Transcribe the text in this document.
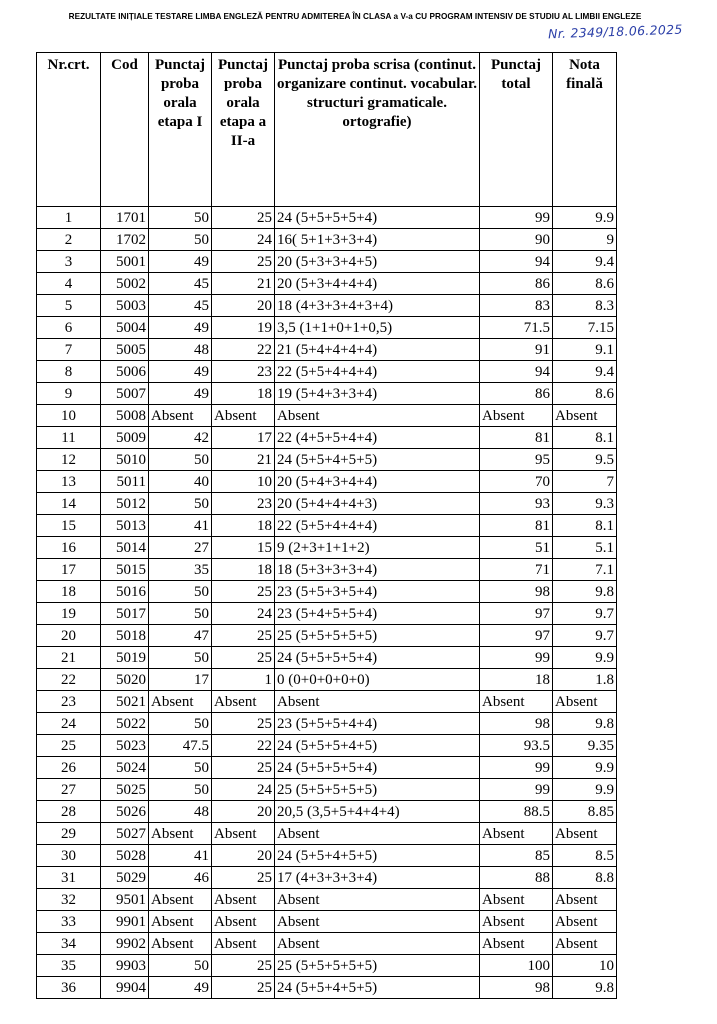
REZULTATE INIȚIALE TESTARE LIMBA ENGLEZĂ PENTRU ADMITEREA ÎN CLASA a V-a CU PROGRAM INTENSIV DE STUDIU AL LIMBII ENGLEZE
Nr. 2349/18.06.2025
Nr.crt.	Cod	Punctaj proba orala etapa I	Punctaj proba orala etapa a II-a	Punctaj proba scrisa (continut. organizare continut. vocabular. structuri gramaticale. ortografie)	Punctaj total	Nota finală
1	1701	50	25	24 (5+5+5+5+4)	99	9.9
2	1702	50	24	16( 5+1+3+3+4)	90	9
3	5001	49	25	20 (5+3+3+4+5)	94	9.4
4	5002	45	21	20 (5+3+4+4+4)	86	8.6
5	5003	45	20	18 (4+3+3+4+3+4)	83	8.3
6	5004	49	19	3,5 (1+1+0+1+0,5)	71.5	7.15
7	5005	48	22	21 (5+4+4+4+4)	91	9.1
8	5006	49	23	22 (5+5+4+4+4)	94	9.4
9	5007	49	18	19 (5+4+3+3+4)	86	8.6
10	5008	Absent	Absent	Absent	Absent	Absent
11	5009	42	17	22 (4+5+5+4+4)	81	8.1
12	5010	50	21	24 (5+5+4+5+5)	95	9.5
13	5011	40	10	20 (5+4+3+4+4)	70	7
14	5012	50	23	20 (5+4+4+4+3)	93	9.3
15	5013	41	18	22 (5+5+4+4+4)	81	8.1
16	5014	27	15	9 (2+3+1+1+2)	51	5.1
17	5015	35	18	18 (5+3+3+3+4)	71	7.1
18	5016	50	25	23 (5+5+3+5+4)	98	9.8
19	5017	50	24	23 (5+4+5+5+4)	97	9.7
20	5018	47	25	25 (5+5+5+5+5)	97	9.7
21	5019	50	25	24 (5+5+5+5+4)	99	9.9
22	5020	17	1	0 (0+0+0+0+0)	18	1.8
23	5021	Absent	Absent	Absent	Absent	Absent
24	5022	50	25	23 (5+5+5+4+4)	98	9.8
25	5023	47.5	22	24 (5+5+5+4+5)	93.5	9.35
26	5024	50	25	24 (5+5+5+5+4)	99	9.9
27	5025	50	24	25 (5+5+5+5+5)	99	9.9
28	5026	48	20	20,5 (3,5+5+4+4+4)	88.5	8.85
29	5027	Absent	Absent	Absent	Absent	Absent
30	5028	41	20	24 (5+5+4+5+5)	85	8.5
31	5029	46	25	17 (4+3+3+3+4)	88	8.8
32	9501	Absent	Absent	Absent	Absent	Absent
33	9901	Absent	Absent	Absent	Absent	Absent
34	9902	Absent	Absent	Absent	Absent	Absent
35	9903	50	25	25 (5+5+5+5+5)	100	10
36	9904	49	25	24 (5+5+4+5+5)	98	9.8
